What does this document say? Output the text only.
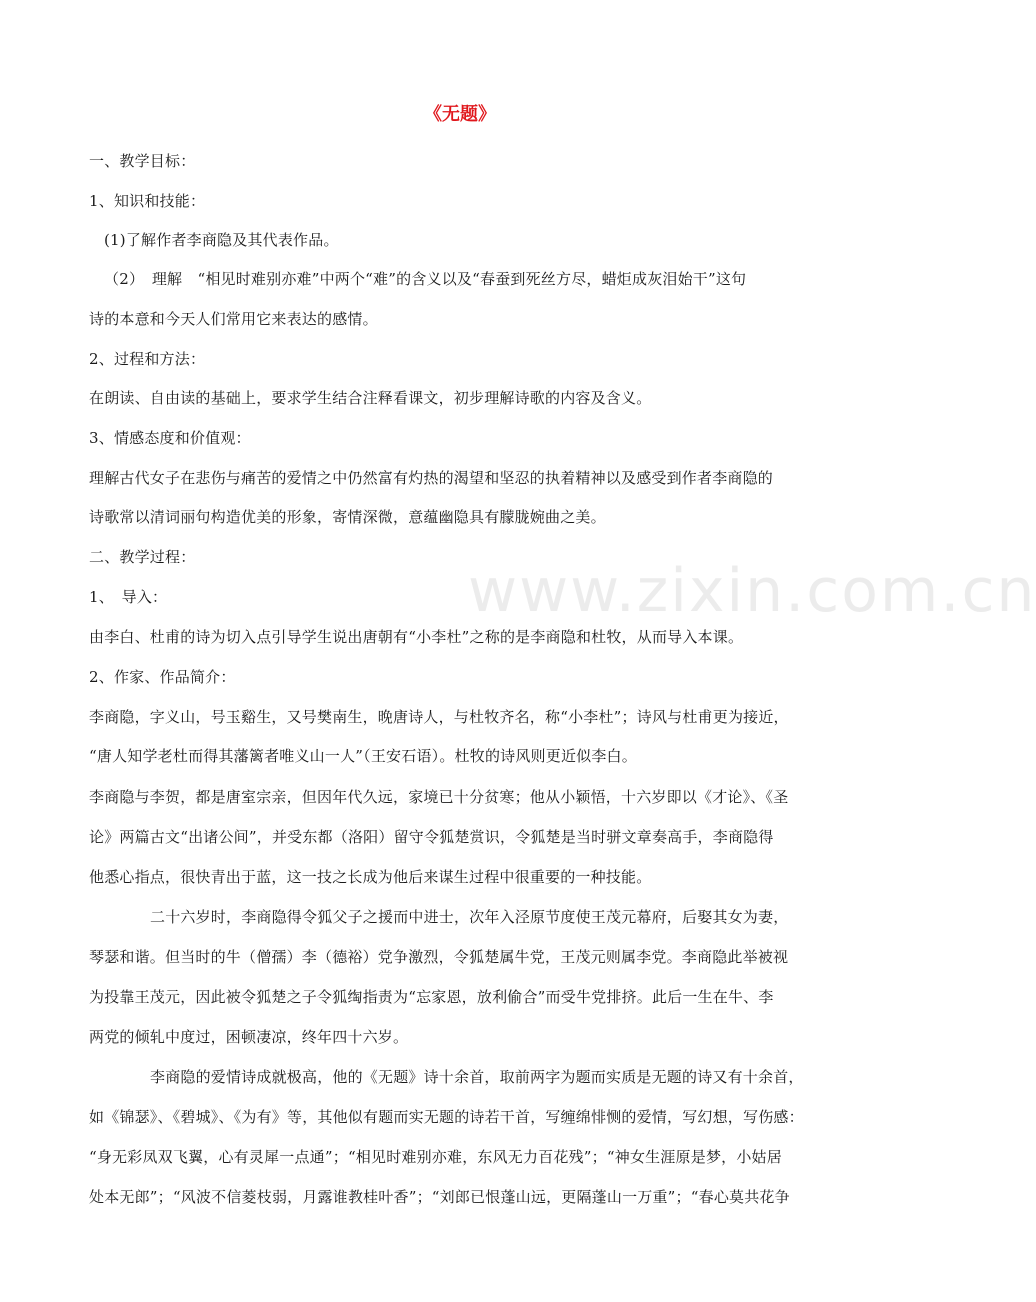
www.zixin.com.cn
《无题》
一、教学目标：
1、知识和技能：
(1)了解作者李商隐及其代表作品。
（2）　理解　“相见时难别亦难”中两个“难”的含义以及“春蚕到死丝方尽，蜡炬成灰泪始干”这句
诗的本意和今天人们常用它来表达的感情。
2、过程和方法：
在朗读、自由读的基础上，要求学生结合注释看课文，初步理解诗歌的内容及含义。
3、情感态度和价值观：
理解古代女子在悲伤与痛苦的爱情之中仍然富有灼热的渴望和坚忍的执着精神以及感受到作者李商隐的
诗歌常以清词丽句构造优美的形象，寄情深微，意蕴幽隐具有朦胧婉曲之美。
二、教学过程：
1、　导入：
由李白、杜甫的诗为切入点引导学生说出唐朝有“小李杜”之称的是李商隐和杜牧，从而导入本课。
2、作家、作品简介：
李商隐，字义山，号玉谿生，又号樊南生，晚唐诗人，与杜牧齐名，称“小李杜”；诗风与杜甫更为接近，
“唐人知学老杜而得其藩篱者唯义山一人”（王安石语）。杜牧的诗风则更近似李白。
李商隐与李贺，都是唐室宗亲，但因年代久远，家境已十分贫寒；他从小颖悟，十六岁即以《才论》、《圣
论》两篇古文“出诸公间”，并受东都（洛阳）留守令狐楚赏识，令狐楚是当时骈文章奏高手，李商隐得
他悉心指点，很快青出于蓝，这一技之长成为他后来谋生过程中很重要的一种技能。
二十六岁时，李商隐得令狐父子之援而中进士，次年入泾原节度使王茂元幕府，后娶其女为妻，
琴瑟和谐。但当时的牛（僧孺）李（德裕）党争激烈，令狐楚属牛党，王茂元则属李党。李商隐此举被视
为投靠王茂元，因此被令狐楚之子令狐绹指责为“忘家恩，放利偷合”而受牛党排挤。此后一生在牛、李
两党的倾轧中度过，困顿凄凉，终年四十六岁。
李商隐的爱情诗成就极高，他的《无题》诗十余首，取前两字为题而实质是无题的诗又有十余首，
如《锦瑟》、《碧城》、《为有》等，其他似有题而实无题的诗若干首，写缠绵悱恻的爱情，写幻想，写伤感：
“身无彩凤双飞翼，心有灵犀一点通”；“相见时难别亦难，东风无力百花残”；“神女生涯原是梦，小姑居
处本无郎”；“风波不信菱枝弱，月露谁教桂叶香”；“刘郎已恨蓬山远，更隔蓬山一万重”；“春心莫共花争
